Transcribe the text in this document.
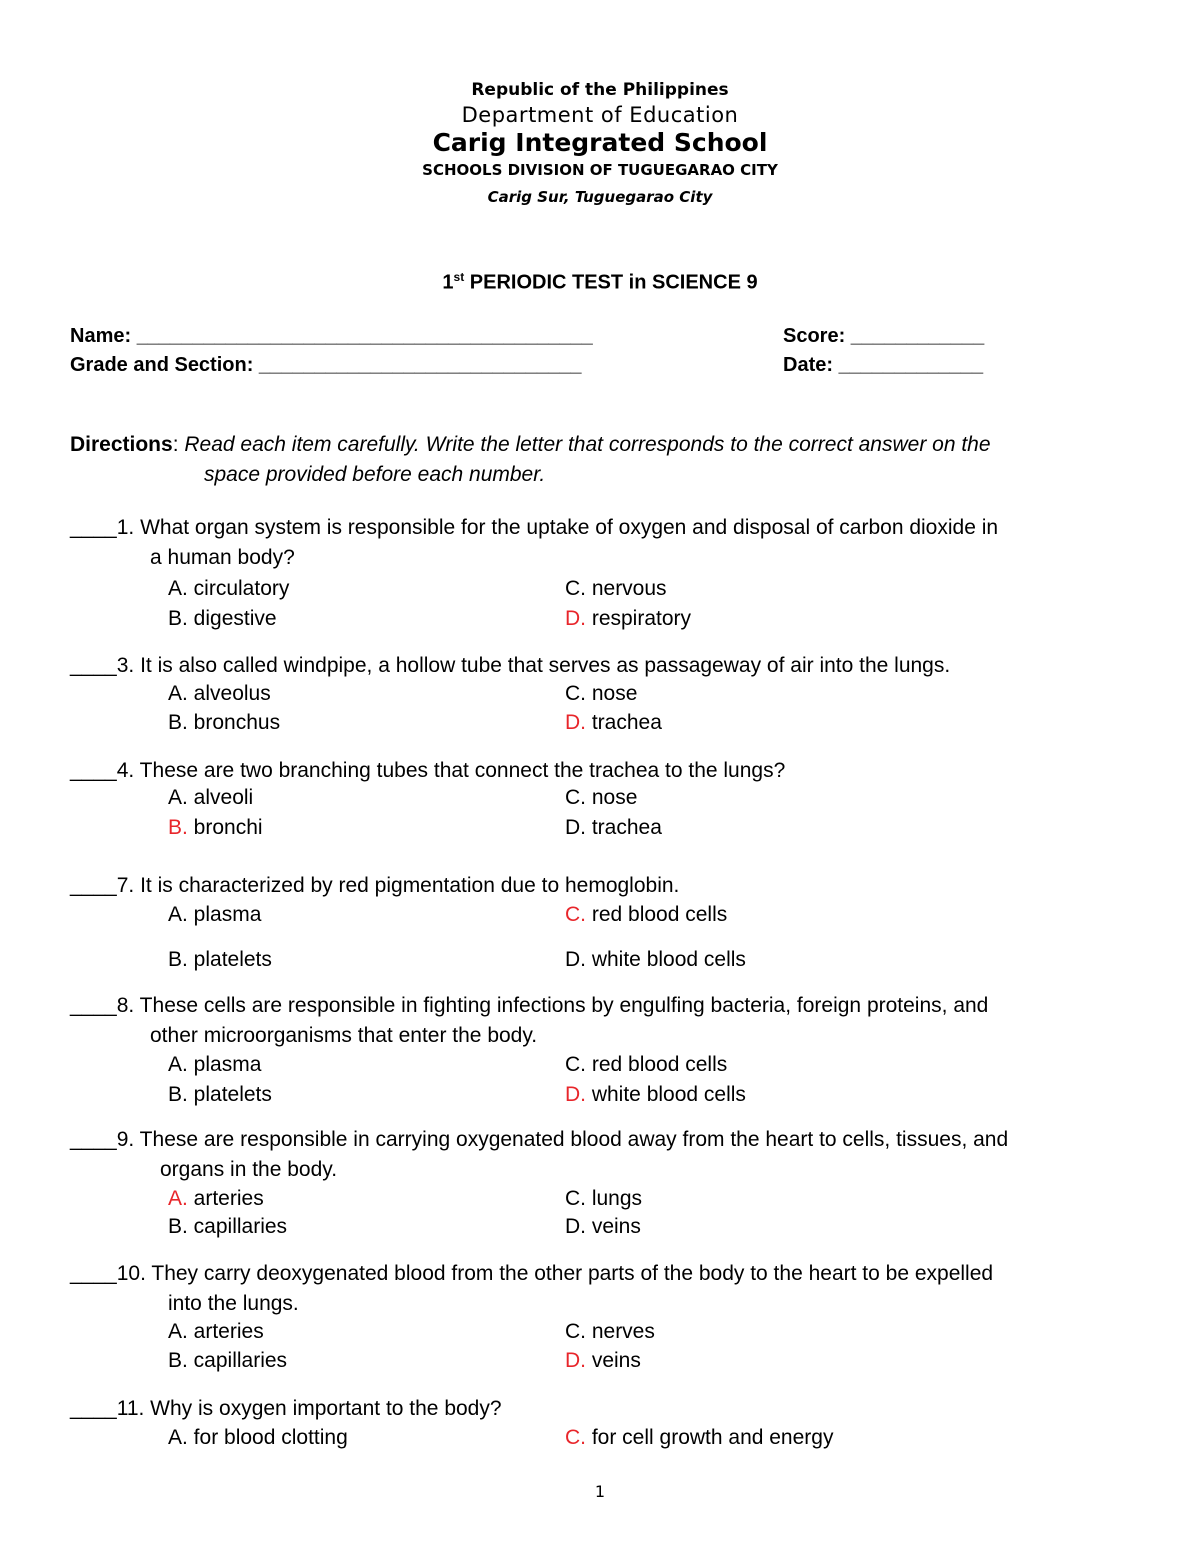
Republic of the Philippines
Department of Education
Carig Integrated School
SCHOOLS DIVISION OF TUGUEGARAO CITY
Carig Sur, Tuguegarao City
1st PERIODIC TEST in SCIENCE 9
Name: _________________________________________	Score: ____________
Grade and Section: _____________________________	Date: _____________
Directions: Read each item carefully. Write the letter that corresponds to the correct answer on the
space provided before each number.
____1. What organ system is responsible for the uptake of oxygen and disposal of carbon dioxide in
a human body?
A. circulatory	C. nervous
B. digestive	D. respiratory
____3. It is also called windpipe, a hollow tube that serves as passageway of air into the lungs.
A. alveolus	C. nose
B. bronchus	D. trachea
____4. These are two branching tubes that connect the trachea to the lungs?
A. alveoli	C. nose
B. bronchi	D. trachea
____7. It is characterized by red pigmentation due to hemoglobin.
A. plasma	C. red blood cells
B. platelets	D. white blood cells
____8. These cells are responsible in fighting infections by engulfing bacteria, foreign proteins, and
other microorganisms that enter the body.
A. plasma	C. red blood cells
B. platelets	D. white blood cells
____9. These are responsible in carrying oxygenated blood away from the heart to cells, tissues, and
organs in the body.
A. arteries	C. lungs
B. capillaries	D. veins
____10. They carry deoxygenated blood from the other parts of the body to the heart to be expelled
into the lungs.
A. arteries	C. nerves
B. capillaries	D. veins
____11. Why is oxygen important to the body?
A. for blood clotting	C. for cell growth and energy
1
